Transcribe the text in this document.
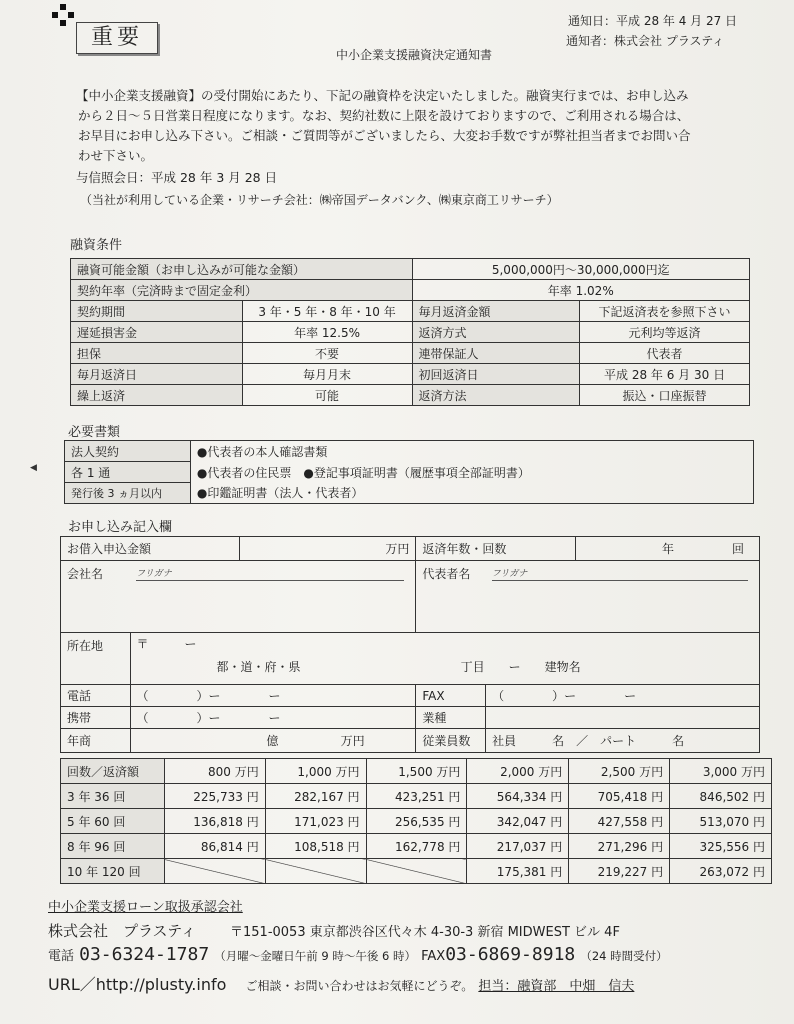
重要
通知日：平成 28 年 4 月 27 日
通知者：株式会社 プラスティ
中小企業支援融資決定通知書
【中小企業支援融資】の受付開始にあたり、下記の融資枠を決定いたしました。融資実行までは、お申し込み
から２日～５日営業日程度になります。なお、契約社数に上限を設けておりますので、ご利用される場合は、
お早目にお申し込み下さい。ご相談・ご質問等がございましたら、大変お手数ですが弊社担当者までお問い合
わせ下さい。
与信照会日：平成 28 年 3 月 28 日
（当社が利用している企業・リサーチ会社：㈱帝国データバンク、㈱東京商工リサーチ）
融資条件
融資可能金額（お申し込みが可能な金額）		5,000,000円～30,000,000円迄	
契約年率（完済時まで固定金利）		年率 1.02%	
契約期間	3 年・5 年・8 年・10 年	毎月返済金額	下記返済表を参照下さい
遅延損害金	年率 12.5%	返済方式	元利均等返済
担保	不要	連帯保証人	代表者
毎月返済日	毎月月末	初回返済日	平成 28 年 6 月 30 日
繰上返済	可能	返済方法	振込・口座振替
必要書類
◀
法人契約	●代表者の本人確認書類
各 1 通	●代表者の住民票　●登記事項証明書（履歴事項全部証明書）
発行後 3 ヵ月以内	●印鑑証明書（法人・代表者）
お申し込み記入欄
お借入申込金額		万円	返済年数・回数		年 回
会社名	フリガナ		代表者名	フリガナ	

所在地	〒　　　ー
都・道・府・県 丁目　　ー　　建物名				

電話	（　　　　）ー　　　　ー		FAX	（　　　　）ー　　　　ー	
携帯	（　　　　）ー　　　　ー		業種		
年商	億 万円		従業員数	社員　　　名　／　パート　　　名	
回数／返済額	800 万円	1,000 万円	1,500 万円	2,000 万円	2,500 万円	3,000 万円
3 年 36 回	225,733 円	282,167 円	423,251 円	564,334 円	705,418 円	846,502 円
5 年 60 回	136,818 円	171,023 円	256,535 円	342,047 円	427,558 円	513,070 円
8 年 96 回	86,814 円	108,518 円	162,778 円	217,037 円	271,296 円	325,556 円
10 年 120 回				175,381 円	219,227 円	263,072 円
中小企業支援ローン取扱承認会社
株式会社　プラスティ	〒151-0053 東京都渋谷区代々木 4-30-3 新宿 MIDWEST ビル 4F
電話 03-6324-1787 （月曜～金曜日午前 9 時～午後 6 時） FAX03-6869-8918 （24 時間受付）
URL／http://plusty.info ご相談・お問い合わせはお気軽にどうぞ。 担当：融資部　中畑　信夫
